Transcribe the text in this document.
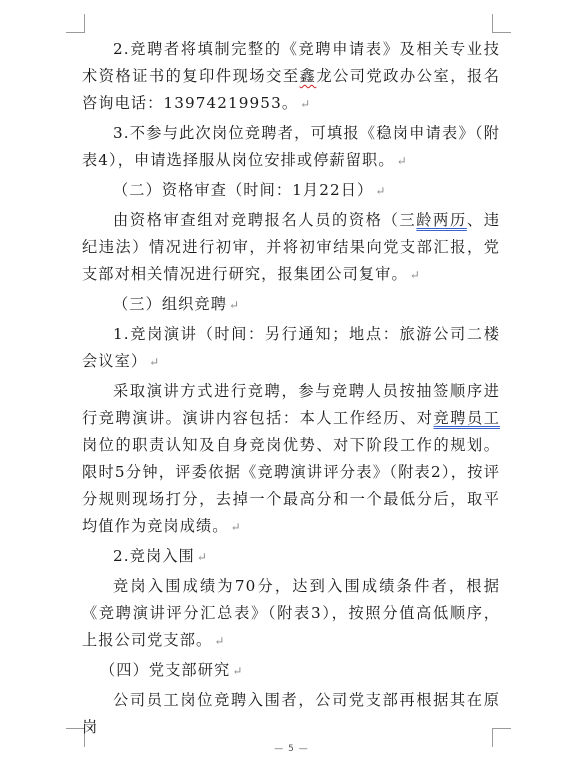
2.竞聘者将填制完整的《竞聘申请表》及相关专业技术资格证书的复印件现场交至鑫龙公司党政办公室，报名咨询电话：13974219953。 ↵

3.不参与此次岗位竞聘者，可填报《稳岗申请表》（附表4），申请选择服从岗位安排或停薪留职。 ↵

（二）资格审查（时间：1月22日） ↵

由资格审查组对竞聘报名人员的资格（三龄两历、违纪违法）情况进行初审，并将初审结果向党支部汇报，党支部对相关情况进行研究，报集团公司复审。 ↵

（三）组织竞聘 ↵

1.竞岗演讲（时间：另行通知；地点：旅游公司二楼会议室） ↵

采取演讲方式进行竞聘，参与竞聘人员按抽签顺序进行竞聘演讲。演讲内容包括：本人工作经历、对竞聘员工岗位的职责认知及自身竞岗优势、对下阶段工作的规划。限时5分钟，评委依据《竞聘演讲评分表》（附表2），按评分规则现场打分，去掉一个最高分和一个最低分后，取平均值作为竞岗成绩。 ↵

2.竞岗入围 ↵

竞岗入围成绩为70分，达到入围成绩条件者，根据《竞聘演讲评分汇总表》（附表3），按照分值高低顺序，上报公司党支部。 ↵

（四）党支部研究 ↵

公司员工岗位竞聘入围者，公司党支部再根据其在原岗

— 5 —
